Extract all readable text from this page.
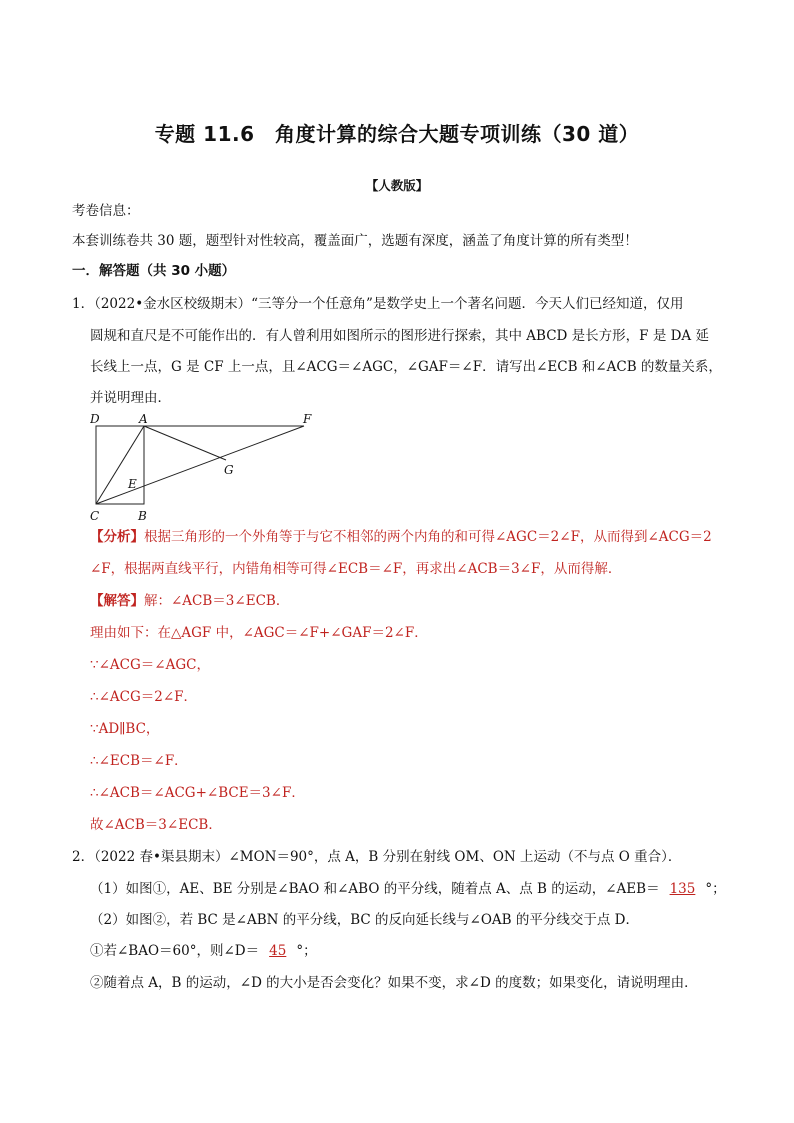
专题 11.6　角度计算的综合大题专项训练（30 道）
【人教版】
考卷信息：
本套训练卷共 30 题，题型针对性较高，覆盖面广，选题有深度，涵盖了角度计算的所有类型！
一．解答题（共 30 小题）
1．（2022•金水区校级期末）“三等分一个任意角”是数学史上一个著名问题．今天人们已经知道，仅用
圆规和直尺是不可能作出的．有人曾利用如图所示的图形进行探索，其中 ABCD 是长方形，F 是 DA 延
长线上一点，G 是 CF 上一点，且∠ACG＝∠AGC，∠GAF＝∠F．请写出∠ECB 和∠ACB 的数量关系，
并说明理由．
D	A	F
G
E
C	B
【分析】根据三角形的一个外角等于与它不相邻的两个内角的和可得∠AGC＝2∠F，从而得到∠ACG＝2
∠F，根据两直线平行，内错角相等可得∠ECB＝∠F，再求出∠ACB＝3∠F，从而得解．
【解答】解：∠ACB＝3∠ECB．
理由如下：在△AGF 中，∠AGC＝∠F+∠GAF＝2∠F．
∵∠ACG＝∠AGC，
∴∠ACG＝2∠F．
∵AD∥BC，
∴∠ECB＝∠F．
∴∠ACB＝∠ACG+∠BCE＝3∠F．
故∠ACB＝3∠ECB．
2．（2022 春•渠县期末）∠MON＝90°，点 A，B 分别在射线 OM、ON 上运动（不与点 O 重合）．
（1）如图①，AE、BE 分别是∠BAO 和∠ABO 的平分线，随着点 A、点 B 的运动，∠AEB＝ 135 °；
（2）如图②，若 BC 是∠ABN 的平分线，BC 的反向延长线与∠OAB 的平分线交于点 D．
①若∠BAO＝60°，则∠D＝ 45 °；
②随着点 A，B 的运动，∠D 的大小是否会变化？如果不变，求∠D 的度数；如果变化，请说明理由．
